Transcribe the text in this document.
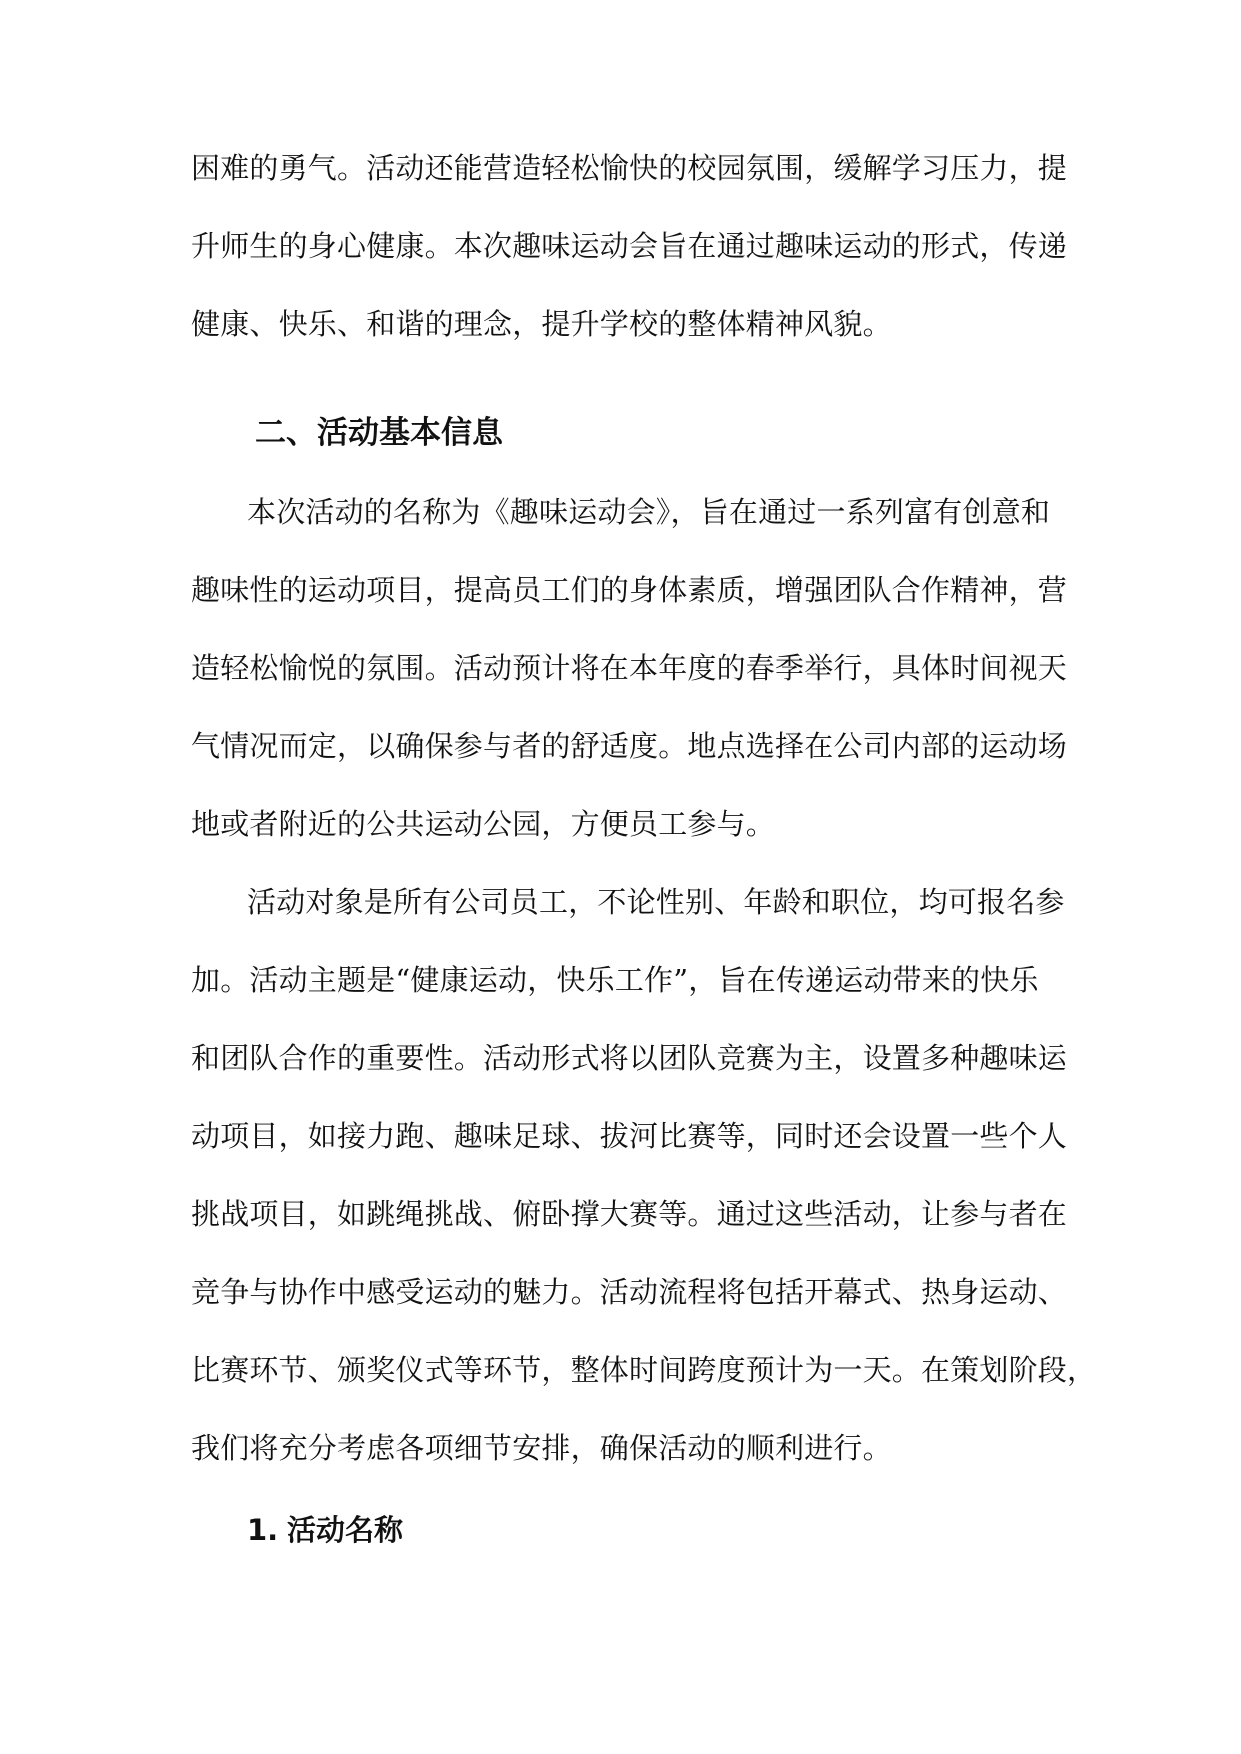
困难的勇气。活动还能营造轻松愉快的校园氛围，缓解学习压力，提
升师生的身心健康。本次趣味运动会旨在通过趣味运动的形式，传递
健康、快乐、和谐的理念，提升学校的整体精神风貌。
二、活动基本信息
本次活动的名称为《趣味运动会》，旨在通过一系列富有创意和
趣味性的运动项目，提高员工们的身体素质，增强团队合作精神，营
造轻松愉悦的氛围。活动预计将在本年度的春季举行，具体时间视天
气情况而定，以确保参与者的舒适度。地点选择在公司内部的运动场
地或者附近的公共运动公园，方便员工参与。
活动对象是所有公司员工，不论性别、年龄和职位，均可报名参
加。活动主题是“健康运动，快乐工作”，旨在传递运动带来的快乐
和团队合作的重要性。活动形式将以团队竞赛为主，设置多种趣味运
动项目，如接力跑、趣味足球、拔河比赛等，同时还会设置一些个人
挑战项目，如跳绳挑战、俯卧撑大赛等。通过这些活动，让参与者在
竞争与协作中感受运动的魅力。活动流程将包括开幕式、热身运动、
比赛环节、颁奖仪式等环节，整体时间跨度预计为一天。在策划阶段，
我们将充分考虑各项细节安排，确保活动的顺利进行。
1. 活动名称
